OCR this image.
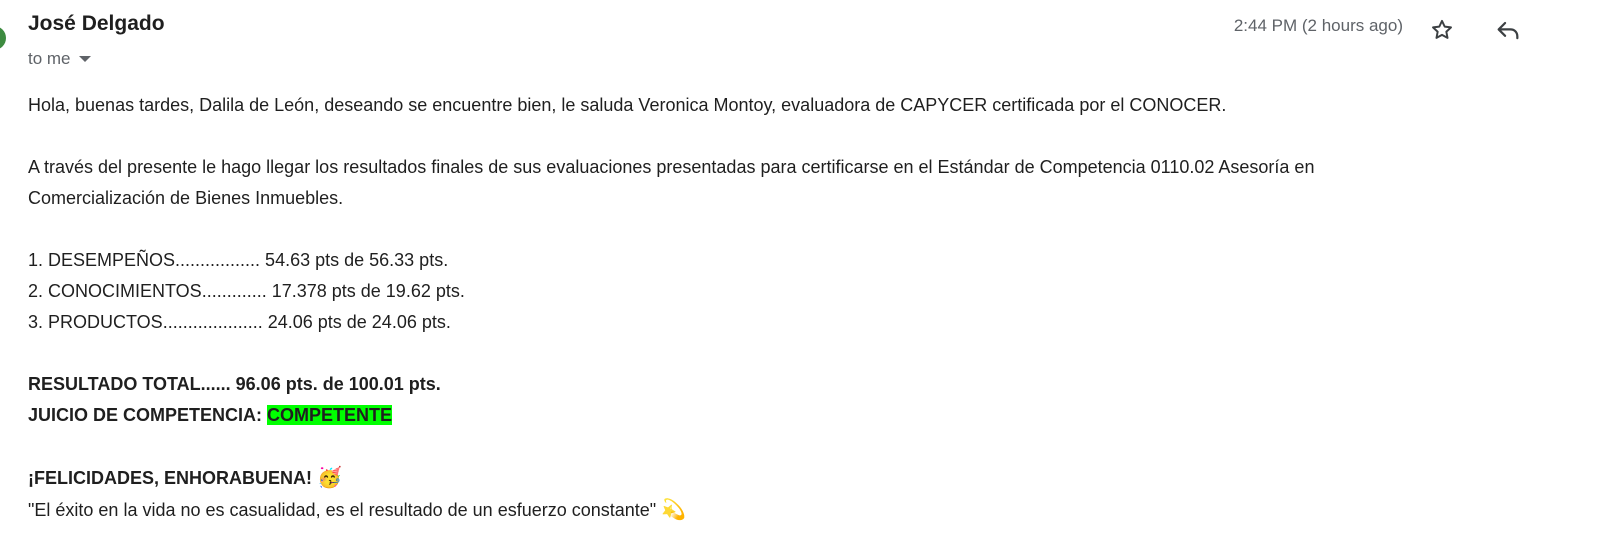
José Delgado
to me
2:44 PM (2 hours ago)

Hola, buenas tardes, Dalila de León, deseando se encuentre bien, le saluda Veronica Montoy, evaluadora de CAPYCER certificada por el CONOCER.

A través del presente le hago llegar los resultados finales de sus evaluaciones presentadas para certificarse en el Estándar de Competencia 0110.02 Asesoría en

Comercialización de Bienes Inmuebles.

1. DESEMPEÑOS................. 54.63 pts de 56.33 pts.

2. CONOCIMIENTOS............. 17.378 pts de 19.62 pts.

3. PRODUCTOS.................... 24.06 pts de 24.06 pts.

RESULTADO TOTAL...... 96.06 pts. de 100.01 pts.

JUICIO DE COMPETENCIA: COMPETENTE

¡FELICIDADES, ENHORABUENA! 🥳

"El éxito en la vida no es casualidad, es el resultado de un esfuerzo constante" 💫
